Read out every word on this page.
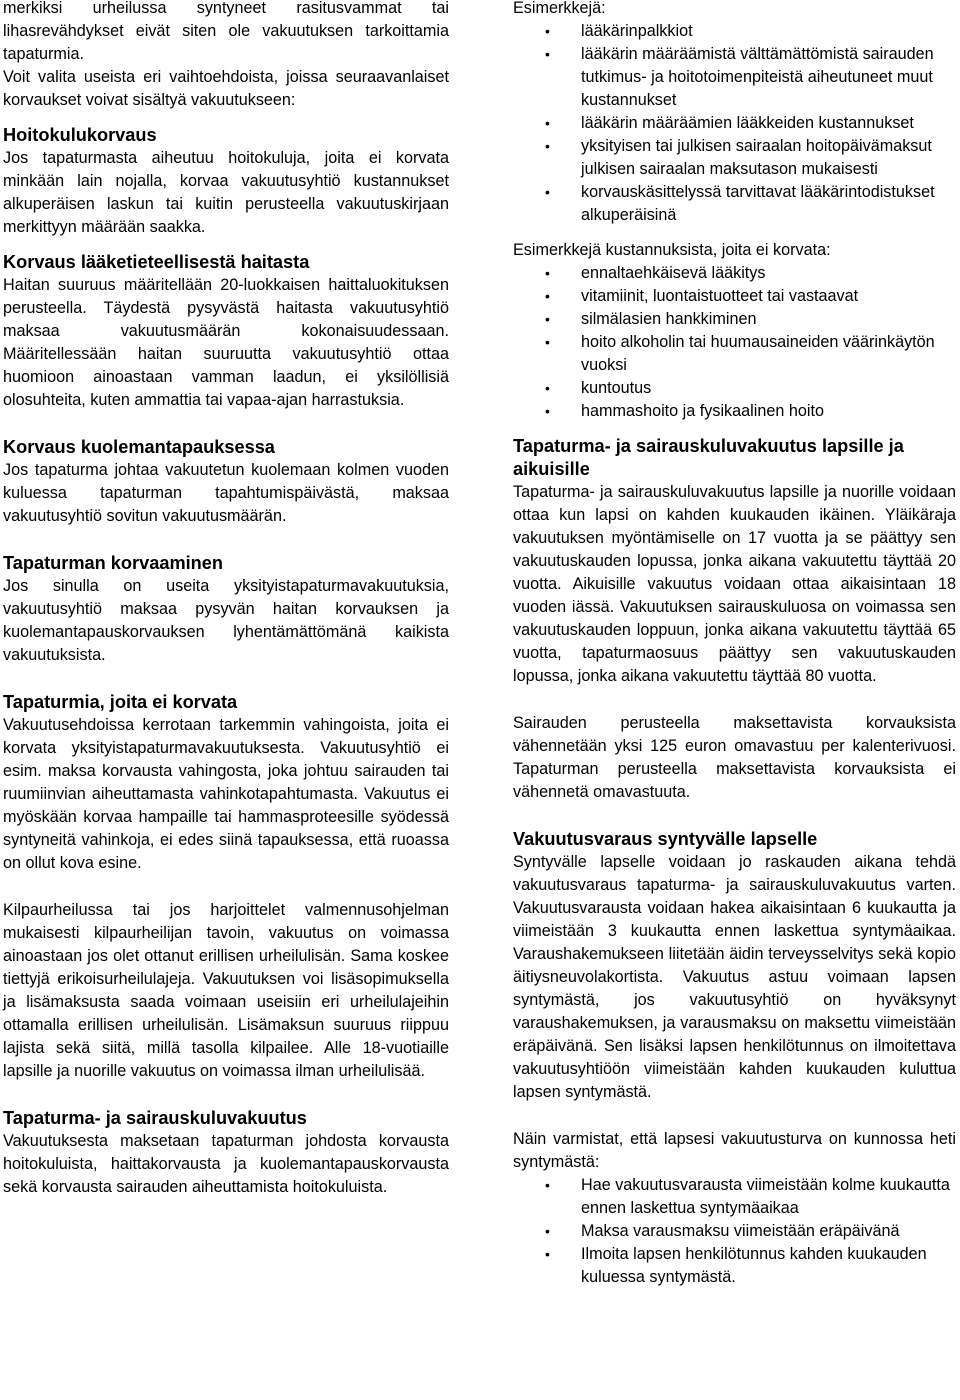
merkiksi urheilussa syntyneet rasitusvammat tai lihasrevähdykset eivät siten ole vakuutuksen tarkoittamia tapaturmia.

Voit valita useista eri vaihtoehdoista, joissa seuraavanlaiset korvaukset voivat sisältyä vakuutukseen:

Hoitokulukorvaus

Jos tapaturmasta aiheutuu hoitokuluja, joita ei korvata minkään lain nojalla, korvaa vakuutusyhtiö kustannukset alkuperäisen laskun tai kuitin perusteella vakuutuskirjaan merkittyyn määrään saakka.

Korvaus lääketieteellisestä haitasta

Haitan suuruus määritellään 20-luokkaisen haittaluokituksen perusteella. Täydestä pysyvästä haitasta vakuutusyhtiö maksaa vakuutusmäärän kokonaisuudessaan. Määritellessään haitan suuruutta vakuutusyhtiö ottaa huomioon ainoastaan vamman laadun, ei yksilöllisiä olosuhteita, kuten ammattia tai vapaa-ajan harrastuksia.

Korvaus kuolemantapauksessa

Jos tapaturma johtaa vakuutetun kuolemaan kolmen vuoden kuluessa tapaturman tapahtumispäivästä, maksaa vakuutusyhtiö sovitun vakuutusmäärän.

Tapaturman korvaaminen

Jos sinulla on useita yksityistapaturmavakuutuksia, vakuutusyhtiö maksaa pysyvän haitan korvauksen ja kuolemantapauskorvauksen lyhentämättömänä kaikista vakuutuksista.

Tapaturmia, joita ei korvata

Vakuutusehdoissa kerrotaan tarkemmin vahingoista, joita ei korvata yksityistapaturmavakuutuksesta. Vakuutusyhtiö ei esim. maksa korvausta vahingosta, joka johtuu sairauden tai ruumiinvian aiheuttamasta vahinkotapahtumasta. Vakuutus ei myöskään korvaa hampaille tai hammasproteesille syödessä syntyneitä vahinkoja, ei edes siinä tapauksessa, että ruoassa on ollut kova esine.

Kilpaurheilussa tai jos harjoittelet valmennusohjelman mukaisesti kilpaurheilijan tavoin, vakuutus on voimassa ainoastaan jos olet ottanut erillisen urheilulisän. Sama koskee tiettyjä erikoisurheilulajeja. Vakuutuksen voi lisäsopimuksella ja lisämaksusta saada voimaan useisiin eri urheilulajeihin ottamalla erillisen urheilulisän. Lisämaksun suuruus riippuu lajista sekä siitä, millä tasolla kilpailee. Alle 18-vuotiaille lapsille ja nuorille vakuutus on voimassa ilman urheilulisää.

Tapaturma- ja sairauskuluvakuutus

Vakuutuksesta maksetaan tapaturman johdosta korvausta hoitokuluista, haittakorvausta ja kuolemantapauskorvausta sekä korvausta sairauden aiheuttamista hoitokuluista.

Esimerkkejä:

• lääkärinpalkkiot
• lääkärin määräämistä välttämättömistä sairauden tutkimus- ja hoitotoimenpiteistä aiheutuneet muut kustannukset
• lääkärin määräämien lääkkeiden kustannukset
• yksityisen tai julkisen sairaalan hoitopäivämaksut julkisen sairaalan maksutason mukaisesti
• korvauskäsittelyssä tarvittavat lääkärintodistukset alkuperäisinä

Esimerkkejä kustannuksista, joita ei korvata:

• ennaltaehkäisevä lääkitys
• vitamiinit, luontaistuotteet tai vastaavat
• silmälasien hankkiminen
• hoito alkoholin tai huumausaineiden väärinkäytön vuoksi
• kuntoutus
• hammashoito ja fysikaalinen hoito
Tapaturma- ja sairauskuluvakuutus lapsille ja aikuisille

Tapaturma- ja sairauskuluvakuutus lapsille ja nuorille voidaan ottaa kun lapsi on kahden kuukauden ikäinen. Yläikäraja vakuutuksen myöntämiselle on 17 vuotta ja se päättyy sen vakuutuskauden lopussa, jonka aikana vakuutettu täyttää 20 vuotta. Aikuisille vakuutus voidaan ottaa aikaisintaan 18 vuoden iässä. Vakuutuksen sairauskuluosa on voimassa sen vakuutuskauden loppuun, jonka aikana vakuutettu täyttää 65 vuotta, tapaturmaosuus päättyy sen vakuutuskauden lopussa, jonka aikana vakuutettu täyttää 80 vuotta.

Sairauden perusteella maksettavista korvauksista vähennetään yksi 125 euron omavastuu per kalenterivuosi. Tapaturman perusteella maksettavista korvauksista ei vähennetä omavastuuta.

Vakuutusvaraus syntyvälle lapselle

Syntyvälle lapselle voidaan jo raskauden aikana tehdä vakuutusvaraus tapaturma- ja sairauskuluvakuutus varten. Vakuutusvarausta voidaan hakea aikaisintaan 6 kuukautta ja viimeistään 3 kuukautta ennen laskettua syntymäaikaa. Varaushakemukseen liitetään äidin terveysselvitys sekä kopio äitiysneuvolakortista. Vakuutus astuu voimaan lapsen syntymästä, jos vakuutusyhtiö on hyväksynyt varaushakemuksen, ja varausmaksu on maksettu viimeistään eräpäivänä. Sen lisäksi lapsen henkilötunnus on ilmoitettava vakuutusyhtiöön viimeistään kahden kuukauden kuluttua lapsen syntymästä.

Näin varmistat, että lapsesi vakuutusturva on kunnossa heti syntymästä:

• Hae vakuutusvarausta viimeistään kolme kuukautta ennen laskettua syntymäaikaa
• Maksa varausmaksu viimeistään eräpäivänä
• Ilmoita lapsen henkilötunnus kahden kuukauden kuluessa syntymästä.
